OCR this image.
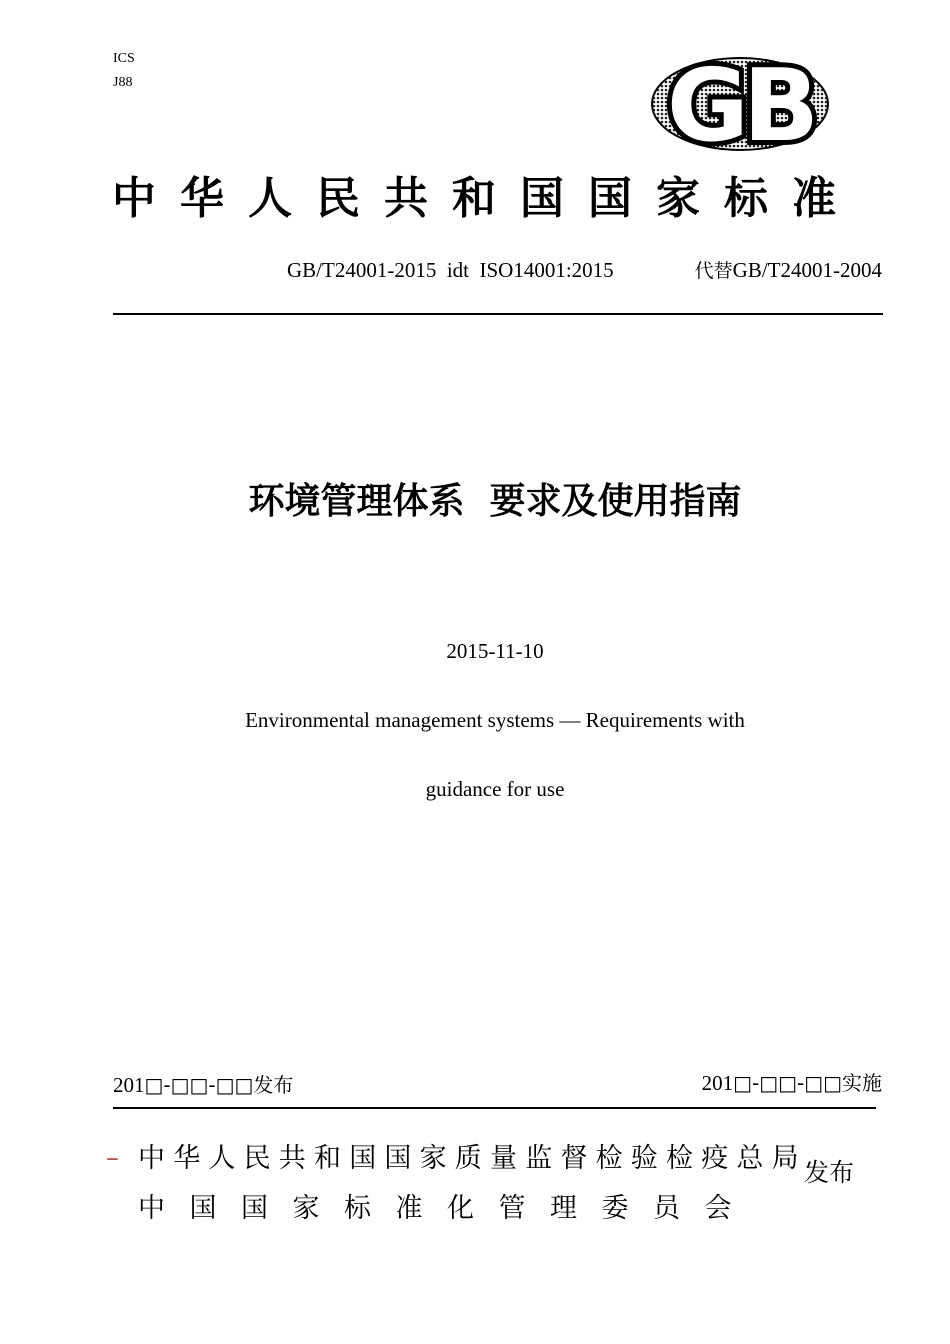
ICS
J88	GB
中华人民共和国国家标准
GB/T24001-2015  idt  ISO14001:2015	代替GB/T24001-2004
环境管理体系  要求及使用指南
2015-11-10
Environmental management systems — Requirements with
guidance for use
201□-□□-□□发布	201□-□□-□□实施
– 中华人民共和国国家质量监督检验检疫总局
中国国家标准化管理委员会
发布
